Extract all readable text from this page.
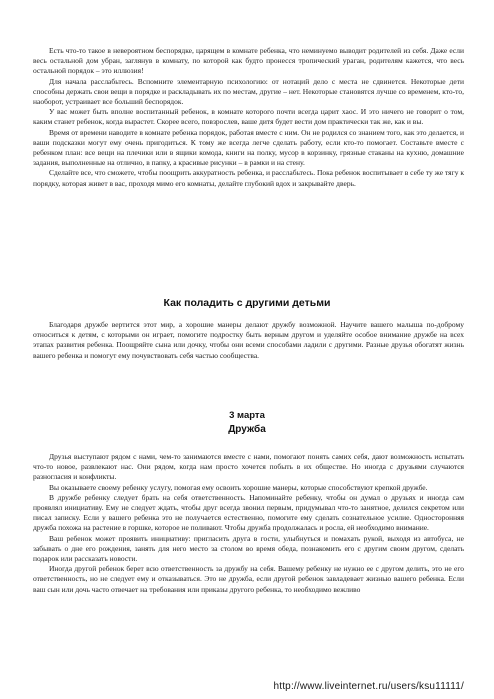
Есть что-то такое в невероятном беспорядке, царящем в комнате ребенка, что неминуемо выводит родителей из себя. Даже если весь остальной дом убран, заглянув в комнату, по которой как будто пронесся тропический ураган, родителям кажется, что весь остальной порядок – это иллюзия!

Для начала расслабьтесь. Вспомните элементарную психологию: от нотаций дело с места не сдвинется. Некоторые дети способны держать свои вещи в порядке и раскладывать их по местам, другие – нет. Некоторые становятся лучше со временем, кто-то, наоборот, устраивает все больший беспорядок.

У вас может быть вполне воспитанный ребенок, в комнате которого почти всегда царит хаос. И это ничего не говорит о том, каким станет ребенок, когда вырастет. Скорее всего, повзрослев, ваше дитя будет вести дом практически так же, как и вы.

Время от времени наводите в комнате ребенка порядок, работая вместе с ним. Он не родился со знанием того, как это делается, и ваши подсказки могут ему очень пригодиться. К тому же всегда легче сделать работу, если кто-то помогает. Составьте вместе с ребенком план: все вещи на плечики или в ящики комода, книги на полку, мусор в корзинку, грязные стаканы на кухню, домашние задания, выполненные на отлично, в папку, а красивые рисунки – в рамки и на стену.

Сделайте все, что сможете, чтобы поощрить аккуратность ребенка, и расслабьтесь. Пока ребенок воспитывает в себе ту же тягу к порядку, которая живет в вас, проходя мимо его комнаты, делайте глубокий вдох и закрывайте дверь.

Как поладить с другими детьми

Благодаря дружбе вертится этот мир, а хорошие манеры делают дружбу возможной. Научите вашего малыша по-доброму относиться к детям, с которыми он играет, помогите подростку быть верным другом и уделяйте особое внимание дружбе на всех этапах развития ребенка. Поощряйте сына или дочку, чтобы они всеми способами ладили с другими. Разные друзья обогатят жизнь вашего ребенка и помогут ему почувствовать себя частью сообщества.

3 марта
Дружба

Друзья выступают рядом с нами, чем-то занимаются вместе с нами, помогают понять самих себя, дают возможность испытать что-то новое, развлекают нас. Они рядом, когда нам просто хочется побыть в их обществе. Но иногда с друзьями случаются разногласия и конфликты.

Вы оказываете своему ребенку услугу, помогая ему освоить хорошие манеры, которые способствуют крепкой дружбе.

В дружбе ребенку следует брать на себя ответственность. Напоминайте ребенку, чтобы он думал о друзьях и иногда сам проявлял инициативу. Ему не следует ждать, чтобы друг всегда звонил первым, придумывал что-то занятное, делился секретом или писал записку. Если у вашего ребенка это не получается естественно, помогите ему сделать сознательное усилие. Односторонняя дружба похожа на растение в горшке, которое не поливают. Чтобы дружба продолжалась и росла, ей необходимо внимание.

Ваш ребенок может проявить инициативу: пригласить друга в гости, улыбнуться и помахать рукой, выходя из автобуса, не забывать о дне его рождения, занять для него место за столом во время обеда, познакомить его с другим своим другом, сделать подарок или рассказать новости.

Иногда другой ребенок берет всю ответственность за дружбу на себя. Вашему ребенку не нужно ее с другом делить, это не его ответственность, но не следует ему и отказываться. Это не дружба, если другой ребенок завладевает жизнью вашего ребенка. Если ваш сын или дочь часто отвечает на требования или приказы другого ребенка, то необходимо вежливо

http://www.liveinternet.ru/users/ksu11111/
